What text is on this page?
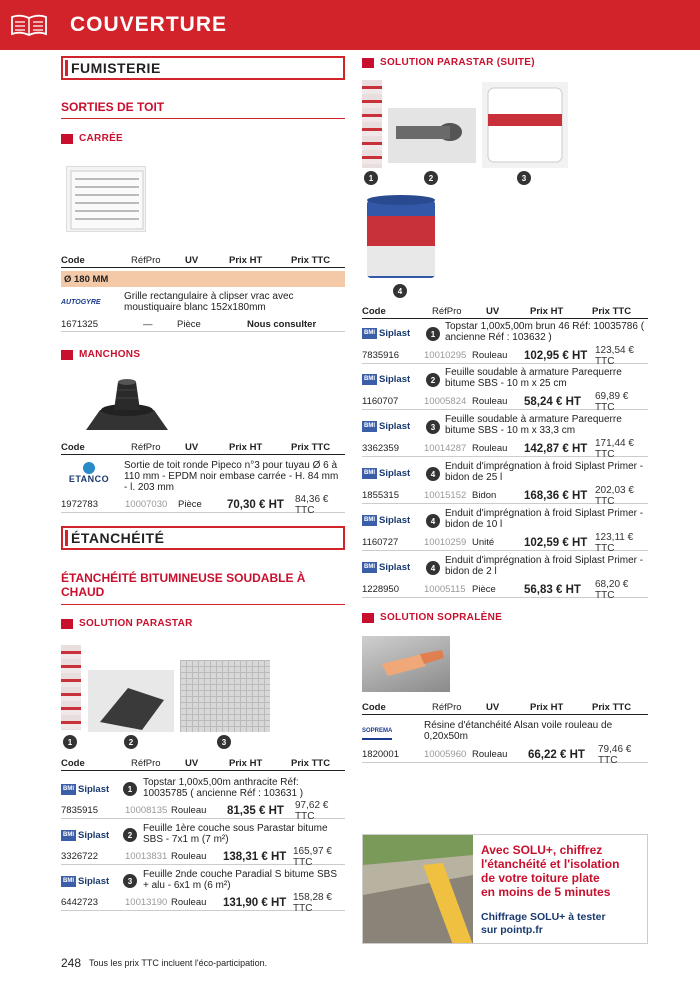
COUVERTURE
FUMISTERIE
SORTIES DE TOIT
CARRÉE
Code	RéfPro	UV	Prix HT	Prix TTC
Ø 180 MM
AUTOGYRE Grille rectangulaire à clipser vrac avec moustiquaire blanc 152x180mm
1671325	—	Pièce	Nous consulter
MANCHONS
Code	RéfPro	UV	Prix HT	Prix TTC
ETANCO
Sortie de toit ronde Pipeco n°3 pour tuyau Ø 6 à 110 mm - EPDM noir embase carrée - H. 84 mm - l. 203 mm
1972783	10007030 Pièce 70,30 € HT 84,36 € TTC
ÉTANCHÉITÉ
ÉTANCHÉITÉ BITUMINEUSE SOUDABLE À CHAUD
SOLUTION PARASTAR
1	2	3
Code	RéfPro	UV	Prix HT	Prix TTC
BMI Siplast	1
Topstar 1,00x5,00m anthracite Réf: 10035785 ( ancienne Réf : 103631 )
7835915	10008135 Rouleau 81,35 € HT 97,62 € TTC
BMI Siplast	2
Feuille 1ère couche sous Parastar bitume SBS - 7x1 m (7 m²)
3326722	10013831 Rouleau 138,31 € HT 165,97 € TTC
BMI Siplast	3
Feuille 2nde couche Paradial S bitume SBS + alu - 6x1 m (6 m²)
6442723	10013190 Rouleau 131,90 € HT 158,28 € TTC
SOLUTION PARASTAR (SUITE)
1	2	3
4
Code	RéfPro	UV	Prix HT	Prix TTC
BMI Siplast	1
Topstar 1,00x5,00m brun 46 Réf: 10035786 ( ancienne Réf : 103632 )
7835916	10010295 Rouleau 102,95 € HT 123,54 € TTC
BMI Siplast	2
Feuille soudable à armature Parequerre bitume SBS - 10 m x 25 cm
1160707	10005824 Rouleau 58,24 € HT 69,89 € TTC
BMI Siplast	3
Feuille soudable à armature Parequerre bitume SBS - 10 m x 33,3 cm
3362359	10014287 Rouleau 142,87 € HT 171,44 € TTC
BMI Siplast	4
Enduit d'imprégnation à froid Siplast Primer - bidon de 25 l
1855315	10015152 Bidon 168,36 € HT 202,03 € TTC
BMI Siplast	4
Enduit d'imprégnation à froid Siplast Primer - bidon de 10 l
1160727	10010259 Unité	102,59 € HT 123,11 € TTC
BMI Siplast	4
Enduit d'imprégnation à froid Siplast Primer - bidon de 2 l
1228950	10005115 Pièce 56,83 € HT 68,20 € TTC
SOLUTION SOPRALÈNE
Code	RéfPro	UV	Prix HT	Prix TTC
SOPREMA	Résine d'étanchéité Alsan voile rouleau de 0,20x50m
1820001	10005960 Rouleau 66,22 € HT 79,46 € TTC
Avec SOLU+, chiffrez
l'étanchéité et l'isolation
de votre toiture plate
en moins de 5 minutes
Chiffrage SOLU+ à tester
sur pointp.fr
248 Tous les prix TTC incluent l'éco-participation.
